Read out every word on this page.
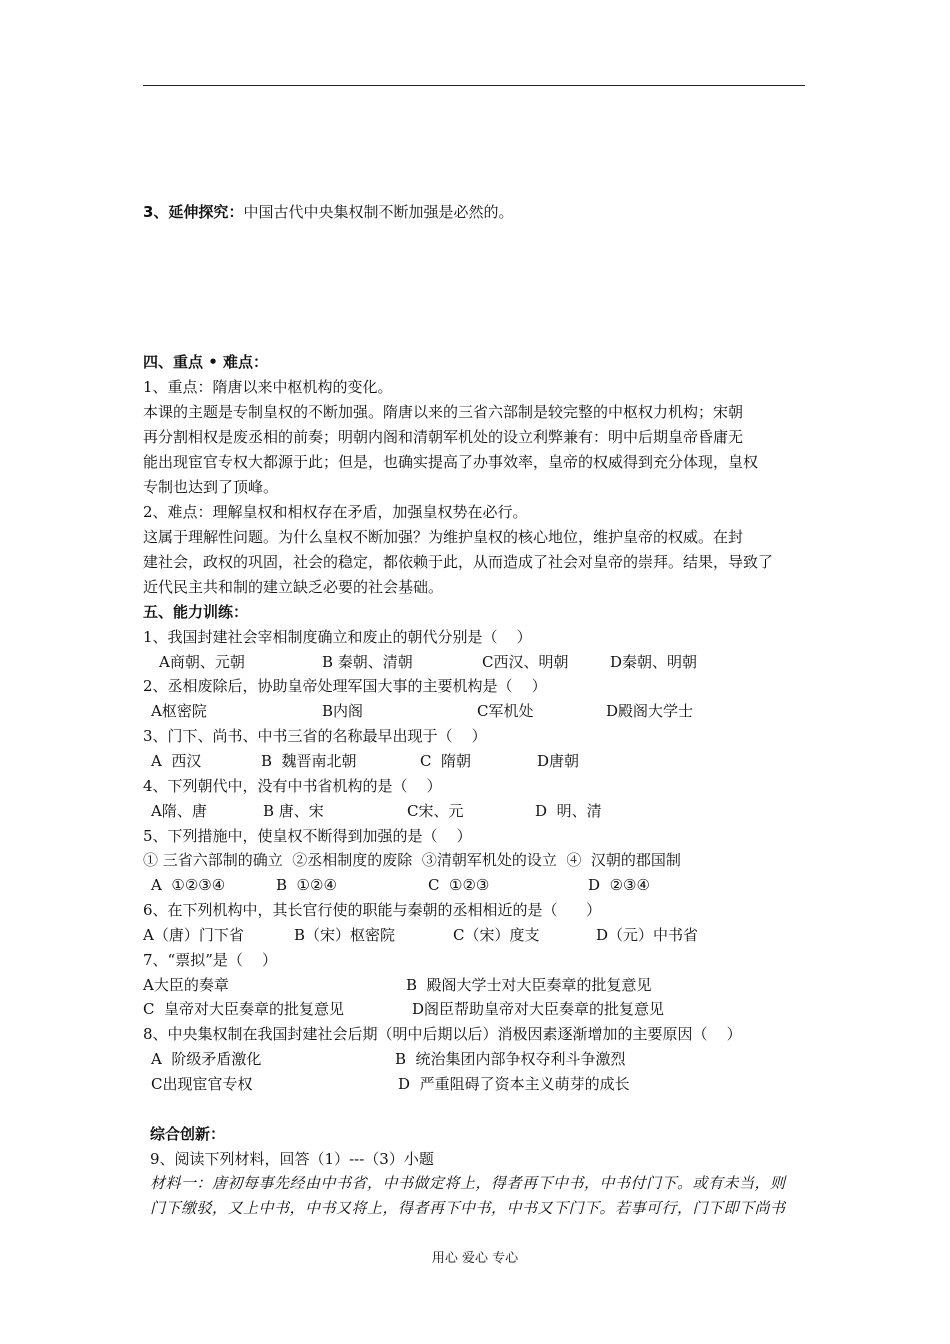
3、延伸探究：中国古代中央集权制不断加强是必然的。
四、重点 • 难点：
1、重点：隋唐以来中枢机构的变化。
本课的主题是专制皇权的不断加强。隋唐以来的三省六部制是较完整的中枢权力机构；宋朝
再分割相权是废丞相的前奏；明朝内阁和清朝军机处的设立利弊兼有：明中后期皇帝昏庸无
能出现宦官专权大都源于此；但是，也确实提高了办事效率，皇帝的权威得到充分体现，皇权
专制也达到了顶峰。
2、难点：理解皇权和相权存在矛盾，加强皇权势在必行。
这属于理解性问题。为什么皇权不断加强？为维护皇权的核心地位，维护皇帝的权威。在封
建社会，政权的巩固，社会的稳定，都依赖于此，从而造成了社会对皇帝的崇拜。结果，导致了
近代民主共和制的建立缺乏必要的社会基础。
五、能力训练：
1、我国封建社会宰相制度确立和废止的朝代分别是（    ）
A商朝、元朝	B 秦朝、清朝	C西汉、明朝	D秦朝、明朝
2、丞相废除后，协助皇帝处理军国大事的主要机构是（    ）
A枢密院	B内阁	C军机处	D殿阁大学士
3、门下、尚书、中书三省的名称最早出现于（    ）
A  西汉	B  魏晋南北朝	C  隋朝	D唐朝
4、下列朝代中，没有中书省机构的是（    ）
A隋、唐	B 唐、宋	C宋、元	D  明、清
5、下列措施中，使皇权不断得到加强的是（    ）
① 三省六部制的确立  ②丞相制度的废除  ③清朝军机处的设立  ④  汉朝的郡国制
A  ①②③④	B  ①②④	C  ①②③	D  ②③④
6、在下列机构中，其长官行使的职能与秦朝的丞相相近的是（      ）
A（唐）门下省	B（宋）枢密院	C（宋）度支	D（元）中书省
7、“票拟”是（    ）
A大臣的奏章	B  殿阁大学士对大臣奏章的批复意见
C  皇帝对大臣奏章的批复意见	D阁臣帮助皇帝对大臣奏章的批复意见
8、中央集权制在我国封建社会后期（明中后期以后）消极因素逐渐增加的主要原因（    ）
A  阶级矛盾激化	B  统治集团内部争权夺利斗争激烈
C出现宦官专权	D  严重阻碍了资本主义萌芽的成长
综合创新：
9、阅读下列材料，回答（1）---（3）小题
材料一：唐初每事先经由中书省，中书做定将上，得者再下中书，中书付门下。或有未当，则
门下缴驳，又上中书，中书又将上，得者再下中书，中书又下门下。若事可行，门下即下尚书
用心 爱心 专心
